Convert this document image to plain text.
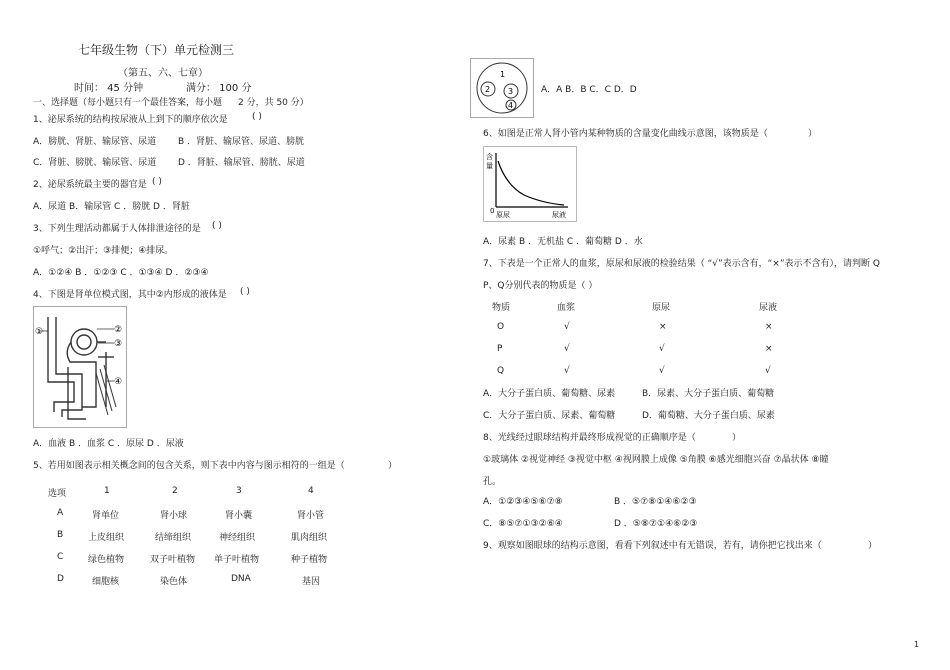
七年级生物（下）单元检测三
（第五、六、七章）
时间： 45 分钟	满分： 100 分
一、选择题（每小题只有一个最佳答案，每小题 2 分，共 50 分）
1、泌尿系统的结构按尿液从上到下的顺序依次是	( )
A．膀胱、肾脏、输尿管、尿道 B ．肾脏、输尿管、尿道、膀胱
C．肾脏、膀胱、输尿管、尿道 D ．肾脏、输尿管、膀胱、尿道
2、泌尿系统最主要的器官是 ( )
A．尿道 B．输尿管 C ．膀胱 D ．肾脏
3、下列生理活动都属于人体排泄途径的是 ( )
①呼气；②出汗；③排便；④排尿。
A．①②④ B ．①②③ C ．①③④ D ．②③④
4、下图是肾单位模式图，其中②内形成的液体是 ( )
①	②
③
④
A．血液 B ．血浆 C ．原尿 D ．尿液
5、若用如图表示相关概念间的包含关系，则下表中内容与图示相符的一组是（	）
选项	1	2	3	4
A	肾单位	肾小球	肾小囊	肾小管
B	上皮组织	结缔组织	神经组织	肌肉组织
C	绿色植物	双子叶植物 单子叶植物	种子植物
D	细胞核	染色体	DNA	基因
1
2 3
4
A．A B．B C．C D．D
6、如图是正常人肾小管内某种物质的含量变化曲线示意图，该物质是（	）
含
量
0 原尿	尿液
A．尿素 B ．无机盐 C ．葡萄糖 D ．水
7、下表是一个正常人的血浆，原尿和尿液的检验结果（ “√”表示含有，“×”表示不含有），请判断 Q
P、Q分别代表的物质是（ ）
物质	血浆	原尿	尿液
O	√	×	×
P	√	√	×
Q	√	√	√
A．大分子蛋白质、葡萄糖、尿素	B．尿素、大分子蛋白质、葡萄糖
C．大分子蛋白质、尿素、葡萄糖	D．葡萄糖、大分子蛋白质、尿素
8、光线经过眼球结构并最终形成视觉的正确顺序是（	）
①玻璃体 ②视觉神经 ③视觉中枢 ④视网膜上成像 ⑤角膜 ⑥感光细胞兴奋 ⑦晶状体 ⑧瞳
孔。
A．①②③④⑤⑥⑦⑧	B ．⑤⑦⑧①④⑥②③
C．⑧⑤⑦①③②⑥④	D ．⑤⑧⑦①④⑥②③
9、观察如图眼球的结构示意图，看看下列叙述中有无错误，若有，请你把它找出来（	）
1
